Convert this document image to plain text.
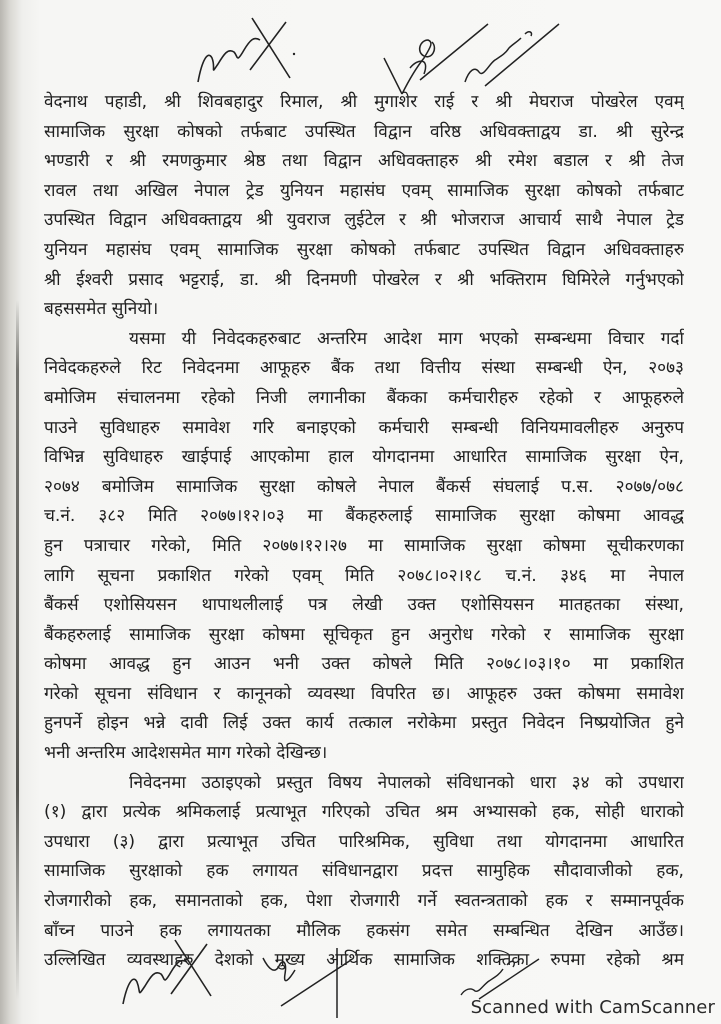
वेदनाथ पहाडी, श्री शिवबहादुर रिमाल, श्री मुगाशेर राई र श्री मेघराज पोखरेल एवम्
सामाजिक सुरक्षा कोषको तर्फबाट उपस्थित विद्वान वरिष्ठ अधिवक्ताद्वय डा. श्री सुरेन्द्र
भण्डारी र श्री रमणकुमार श्रेष्ठ तथा विद्वान अधिवक्ताहरु श्री रमेश बडाल र श्री तेज
रावल तथा अखिल नेपाल ट्रेड युनियन महासंघ एवम् सामाजिक सुरक्षा कोषको तर्फबाट
उपस्थित विद्वान अधिवक्ताद्वय श्री युवराज लुईटेल र श्री भोजराज आचार्य साथै नेपाल ट्रेड
युनियन महासंघ एवम् सामाजिक सुरक्षा कोषको तर्फबाट उपस्थित विद्वान अधिवक्ताहरु
श्री ईश्वरी प्रसाद भट्टराई, डा. श्री दिनमणी पोखरेल र श्री भक्तिराम घिमिरेले गर्नुभएको
बहससमेत सुनियो।
यसमा यी निवेदकहरुबाट अन्तरिम आदेश माग भएको सम्बन्धमा विचार गर्दा
निवेदकहरुले रिट निवेदनमा आफूहरु बैंक तथा वित्तीय संस्था सम्बन्धी ऐन, २०७३
बमोजिम संचालनमा रहेको निजी लगानीका बैंकका कर्मचारीहरु रहेको र आफूहरुले
पाउने सुविधाहरु समावेश गरि बनाइएको कर्मचारी सम्बन्धी विनियमावलीहरु अनुरुप
विभिन्न सुविधाहरु खाईपाई आएकोमा हाल योगदानमा आधारित सामाजिक सुरक्षा ऐन,
२०७४ बमोजिम सामाजिक सुरक्षा कोषले नेपाल बैंकर्स संघलाई प.स. २०७७/०७८
च.नं. ३८२ मिति २०७७।१२।०३ मा बैंकहरुलाई सामाजिक सुरक्षा कोषमा आवद्ध
हुन पत्राचार गरेको, मिति २०७७।१२।२७ मा सामाजिक सुरक्षा कोषमा सूचीकरणका
लागि सूचना प्रकाशित गरेको एवम् मिति २०७८।०२।१८ च.नं. ३४६ मा नेपाल
बैंकर्स एशोसियसन थापाथलीलाई पत्र लेखी उक्त एशोसियसन मातहतका संस्था,
बैंकहरुलाई सामाजिक सुरक्षा कोषमा सूचिकृत हुन अनुरोध गरेको र सामाजिक सुरक्षा
कोषमा आवद्ध हुन आउन भनी उक्त कोषले मिति २०७८।०३।१० मा प्रकाशित
गरेको सूचना संविधान र कानूनको व्यवस्था विपरित छ। आफूहरु उक्त कोषमा समावेश
हुनपर्ने होइन भन्ने दावी लिई उक्त कार्य तत्काल नरोकेमा प्रस्तुत निवेदन निष्प्रयोजित हुने
भनी अन्तरिम आदेशसमेत माग गरेको देखिन्छ।
निवेदनमा उठाइएको प्रस्तुत विषय नेपालको संविधानको धारा ३४ को उपधारा
(१) द्वारा प्रत्येक श्रमिकलाई प्रत्याभूत गरिएको उचित श्रम अभ्यासको हक, सोही धाराको
उपधारा (३) द्वारा प्रत्याभूत उचित पारिश्रमिक, सुविधा तथा योगदानमा आधारित
सामाजिक सुरक्षाको हक लगायत संविधानद्वारा प्रदत्त सामुहिक सौदावाजीको हक,
रोजगारीको हक, समानताको हक, पेशा रोजगारी गर्ने स्वतन्त्रताको हक र सम्मानपूर्वक
बाँच्न पाउने हक लगायतका मौलिक हकसंग समेत सम्बन्धित देखिन आउँछ।
उल्लिखित व्यवस्थाहरु देशको मुख्य आर्थिक सामाजिक शक्तिका रुपमा रहेको श्रम
Scanned with CamScanner
